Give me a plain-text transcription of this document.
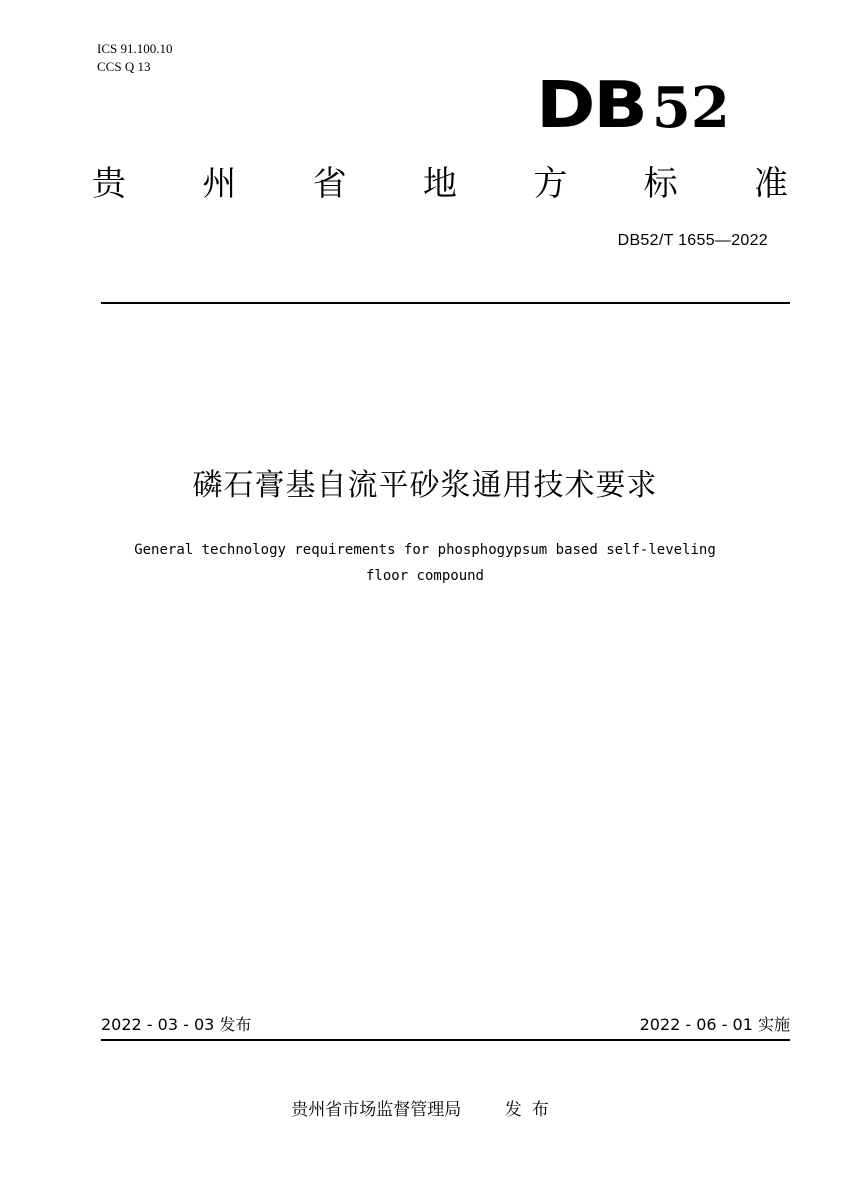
ICS 91.100.10
CCS Q 13
DB 52
贵 州 省 地 方 标 准
DB52/T 1655—2022
磷石膏基自流平砂浆通用技术要求
General technology requirements for phosphogypsum based self-leveling
floor compound
2022 - 03 - 03 发布	2022 - 06 - 01 实施
贵州省市场监督管理局	发布
